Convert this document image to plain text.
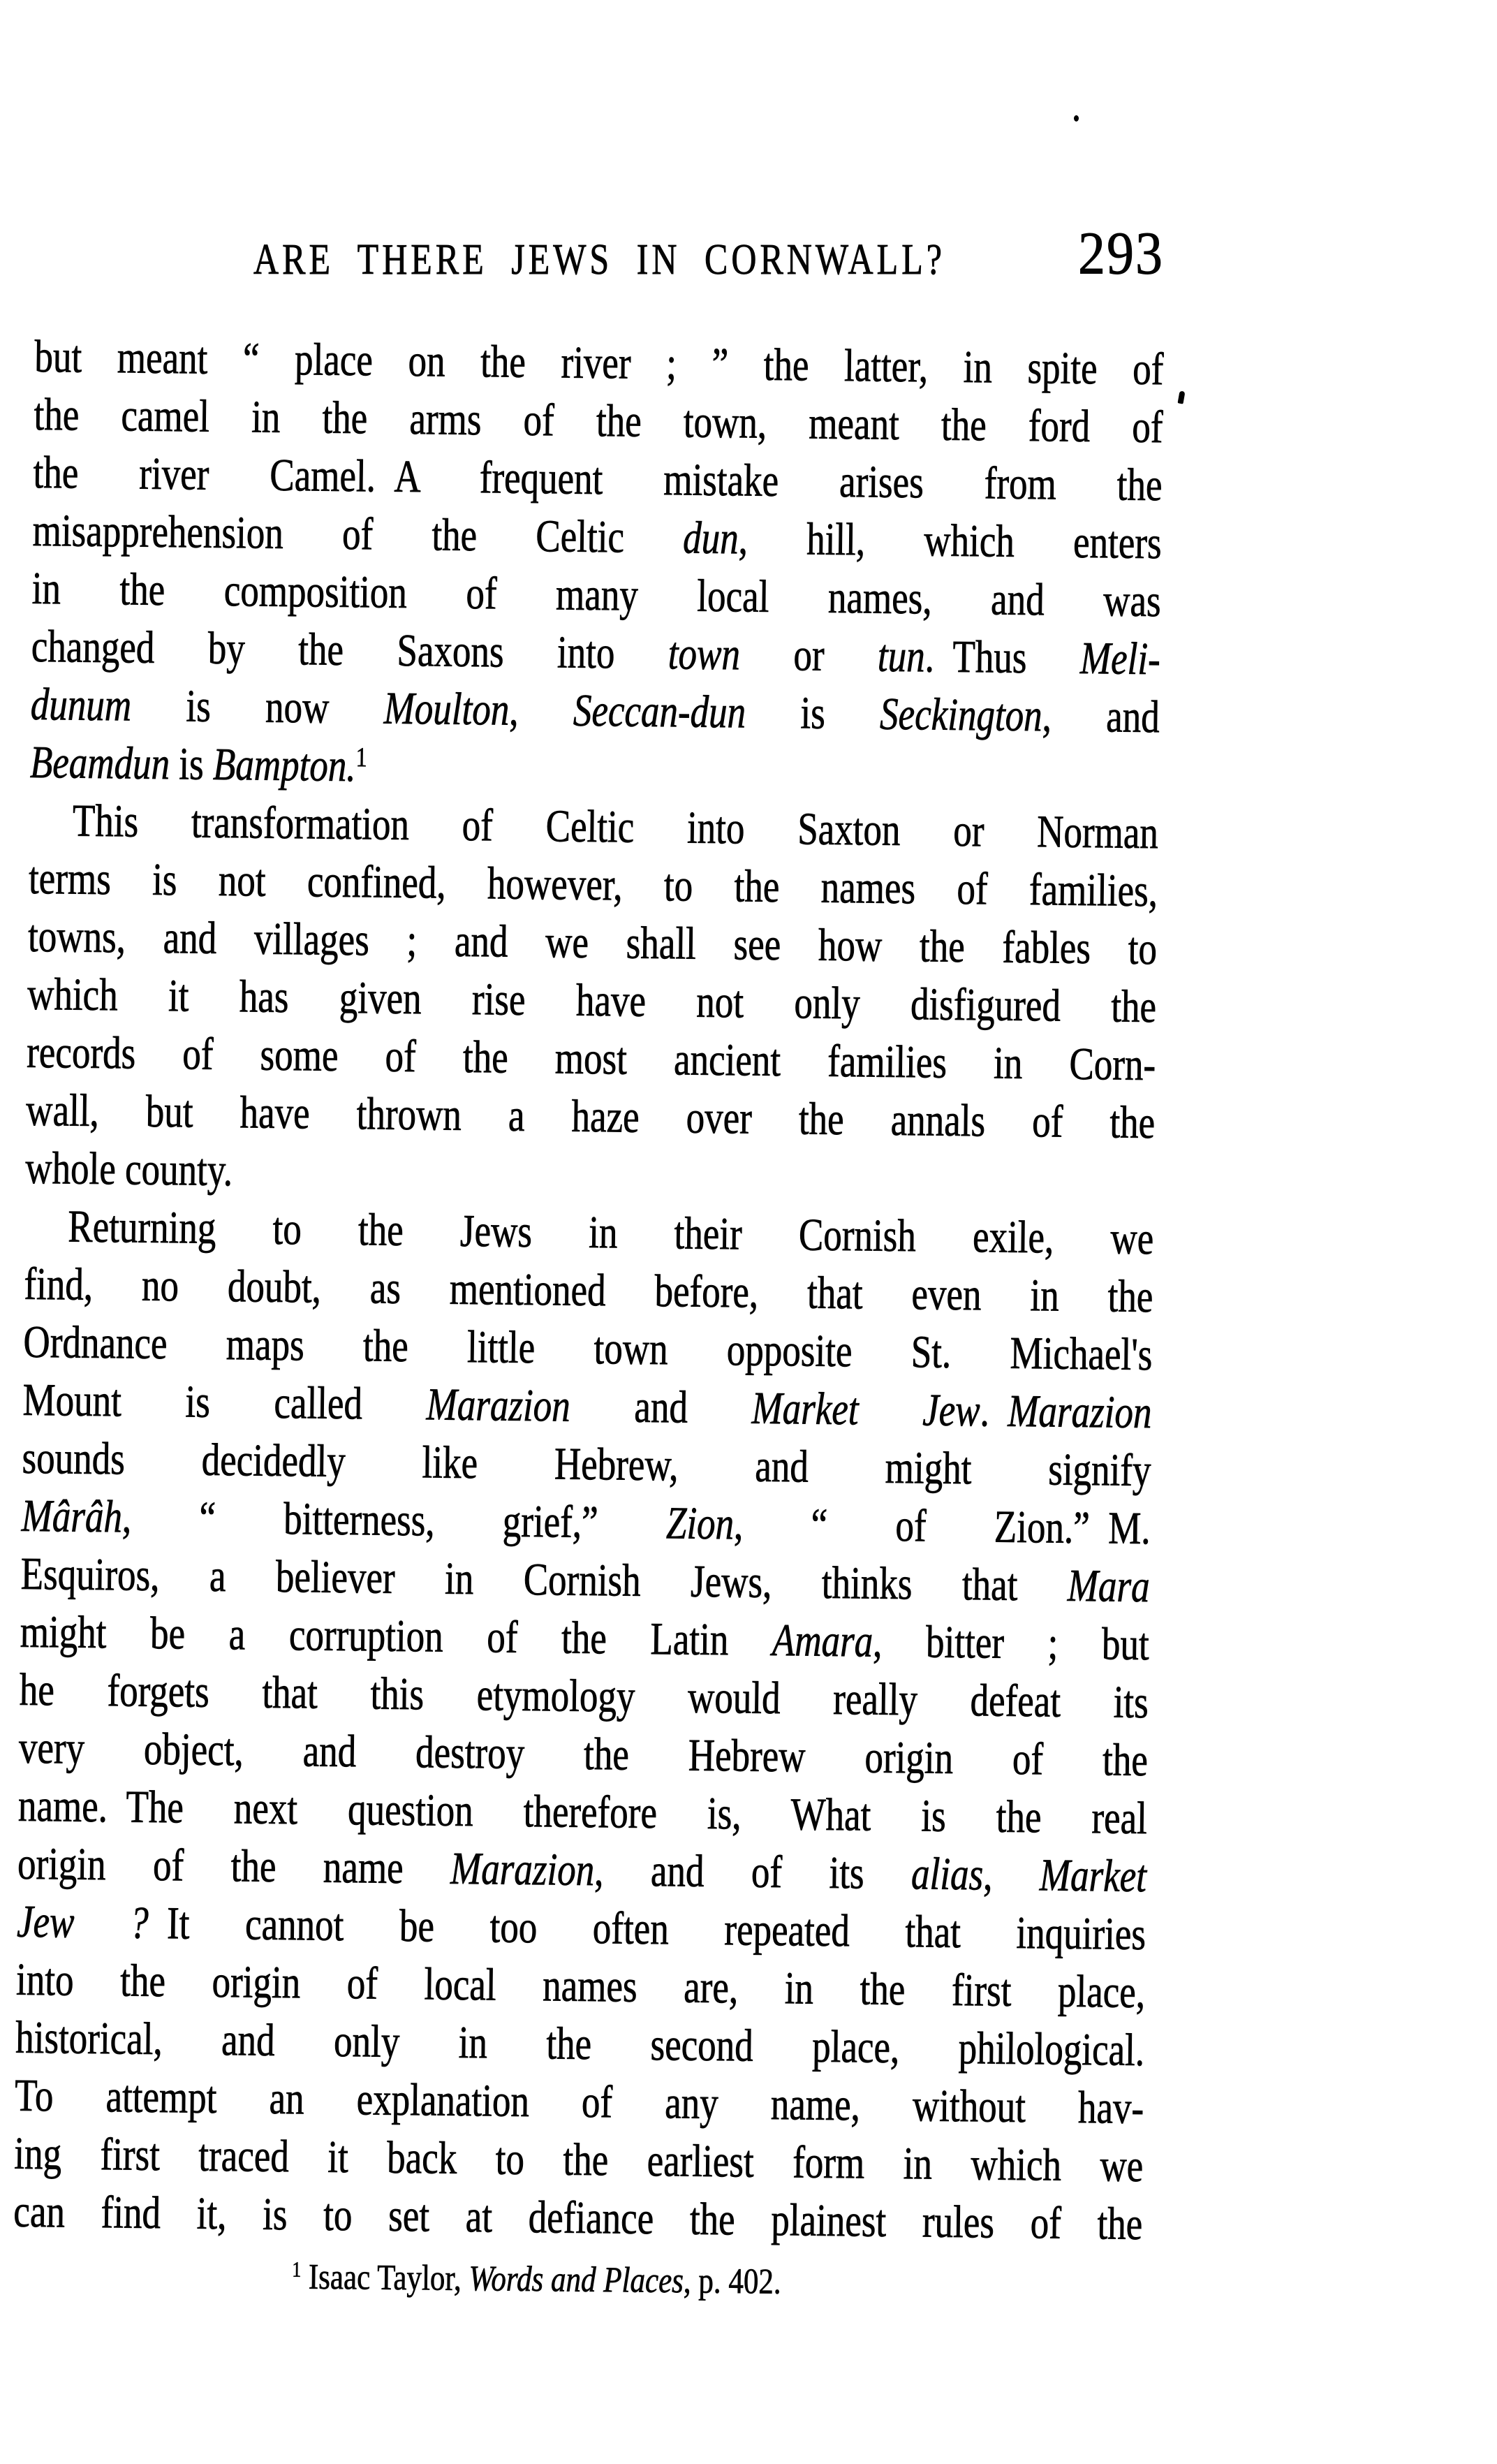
ARE THERE JEWS IN CORNWALL? 293
but meant “ place on the river ; ” the latter, in spite of
the camel in the arms of the town, meant the ford of
the river Camel. A frequent mistake arises from the
misapprehension of the Celtic dun, hill, which enters
in the composition of many local names, and was
changed by the Saxons into town or tun. Thus Meli-
dunum is now Moulton, Seccan-dun is Seckington, and
Beamdun is Bampton.$^1$
This transformation of Celtic into Saxton or Norman
terms is not confined, however, to the names of families,
towns, and villages ; and we shall see how the fables to
which it has given rise have not only disfigured the
records of some of the most ancient families in Corn-
wall, but have thrown a haze over the annals of the
whole county.
Returning to the Jews in their Cornish exile, we
find, no doubt, as mentioned before, that even in the
Ordnance maps the little town opposite St. Michael's
Mount is called Marazion and Market Jew. Marazion
sounds decidedly like Hebrew, and might signify
Mârâh, “ bitterness, grief,” Zion, “ of Zion.” M.
Esquiros, a believer in Cornish Jews, thinks that Mara
might be a corruption of the Latin Amara, bitter ; but
he forgets that this etymology would really defeat its
very object, and destroy the Hebrew origin of the
name. The next question therefore is, What is the real
origin of the name Marazion, and of its alias, Market
Jew ? It cannot be too often repeated that inquiries
into the origin of local names are, in the first place,
historical, and only in the second place, philological.
To attempt an explanation of any name, without hav-
ing first traced it back to the earliest form in which we
can find it, is to set at defiance the plainest rules of the
$^1$ Isaac Taylor, Words and Places, p. 402.
